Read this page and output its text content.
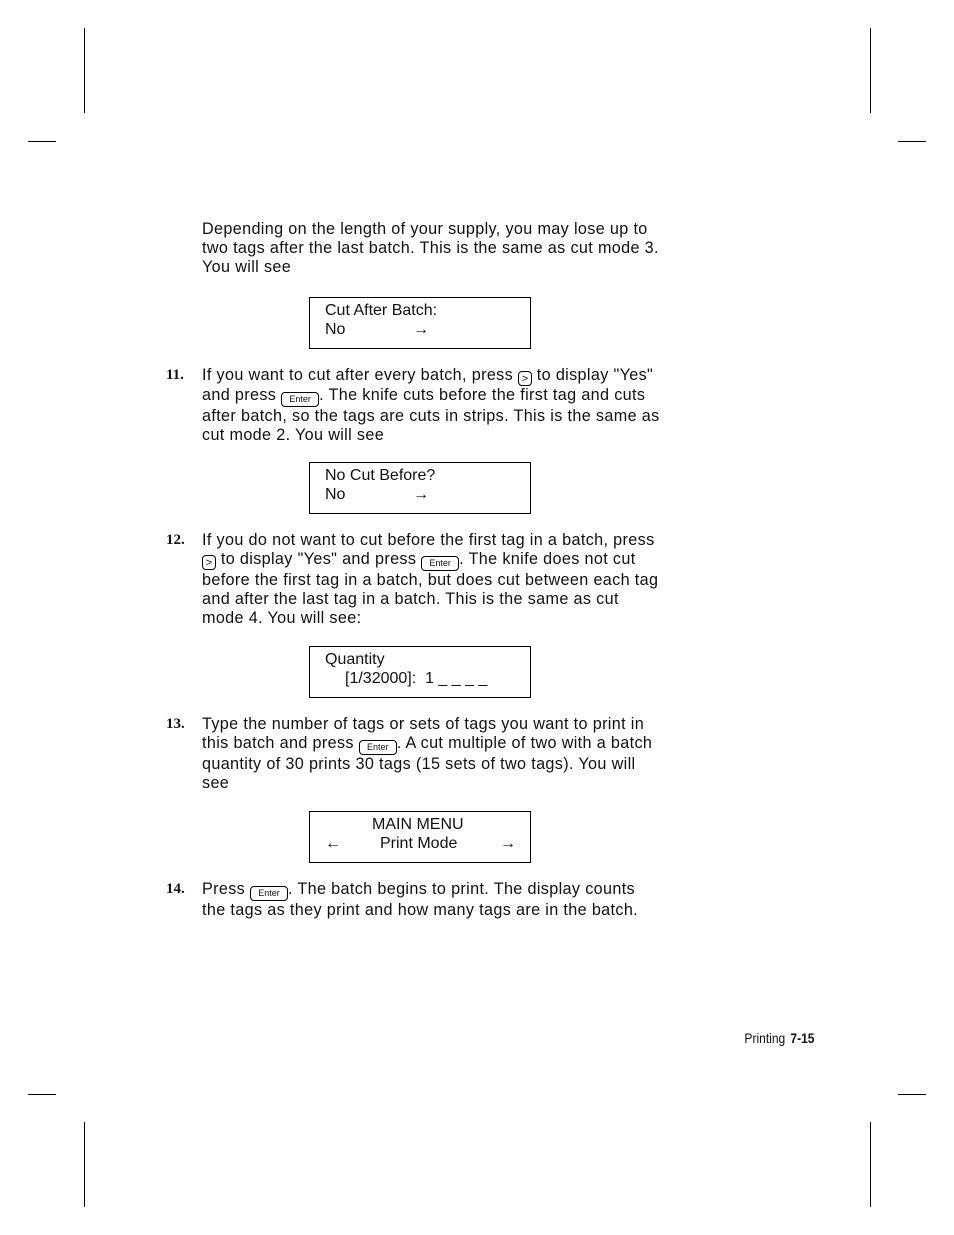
Depending on the length of your supply, you may lose up to
two tags after the last batch. This is the same as cut mode 3.
You will see
Cut After Batch:
No	→
11. If you want to cut after every batch, press > to display "Yes"
and press Enter . The knife cuts before the first tag and cuts
after batch, so the tags are cuts in strips. This is the same as
cut mode 2. You will see
No Cut Before?
No	→
12. If you do not want to cut before the first tag in a batch, press
> to display "Yes" and press Enter . The knife does not cut
before the first tag in a batch, but does cut between each tag
and after the last tag in a batch. This is the same as cut
mode 4. You will see:
Quantity
[1/32000]:  1 _ _ _ _
13. Type the number of tags or sets of tags you want to print in
this batch and press Enter . A cut multiple of two with a batch
quantity of 30 prints 30 tags (15 sets of two tags). You will
see
MAIN MENU
← Print Mode	→
14. Press Enter . The batch begins to print. The display counts
the tags as they print and how many tags are in the batch.
Printing 7-15
